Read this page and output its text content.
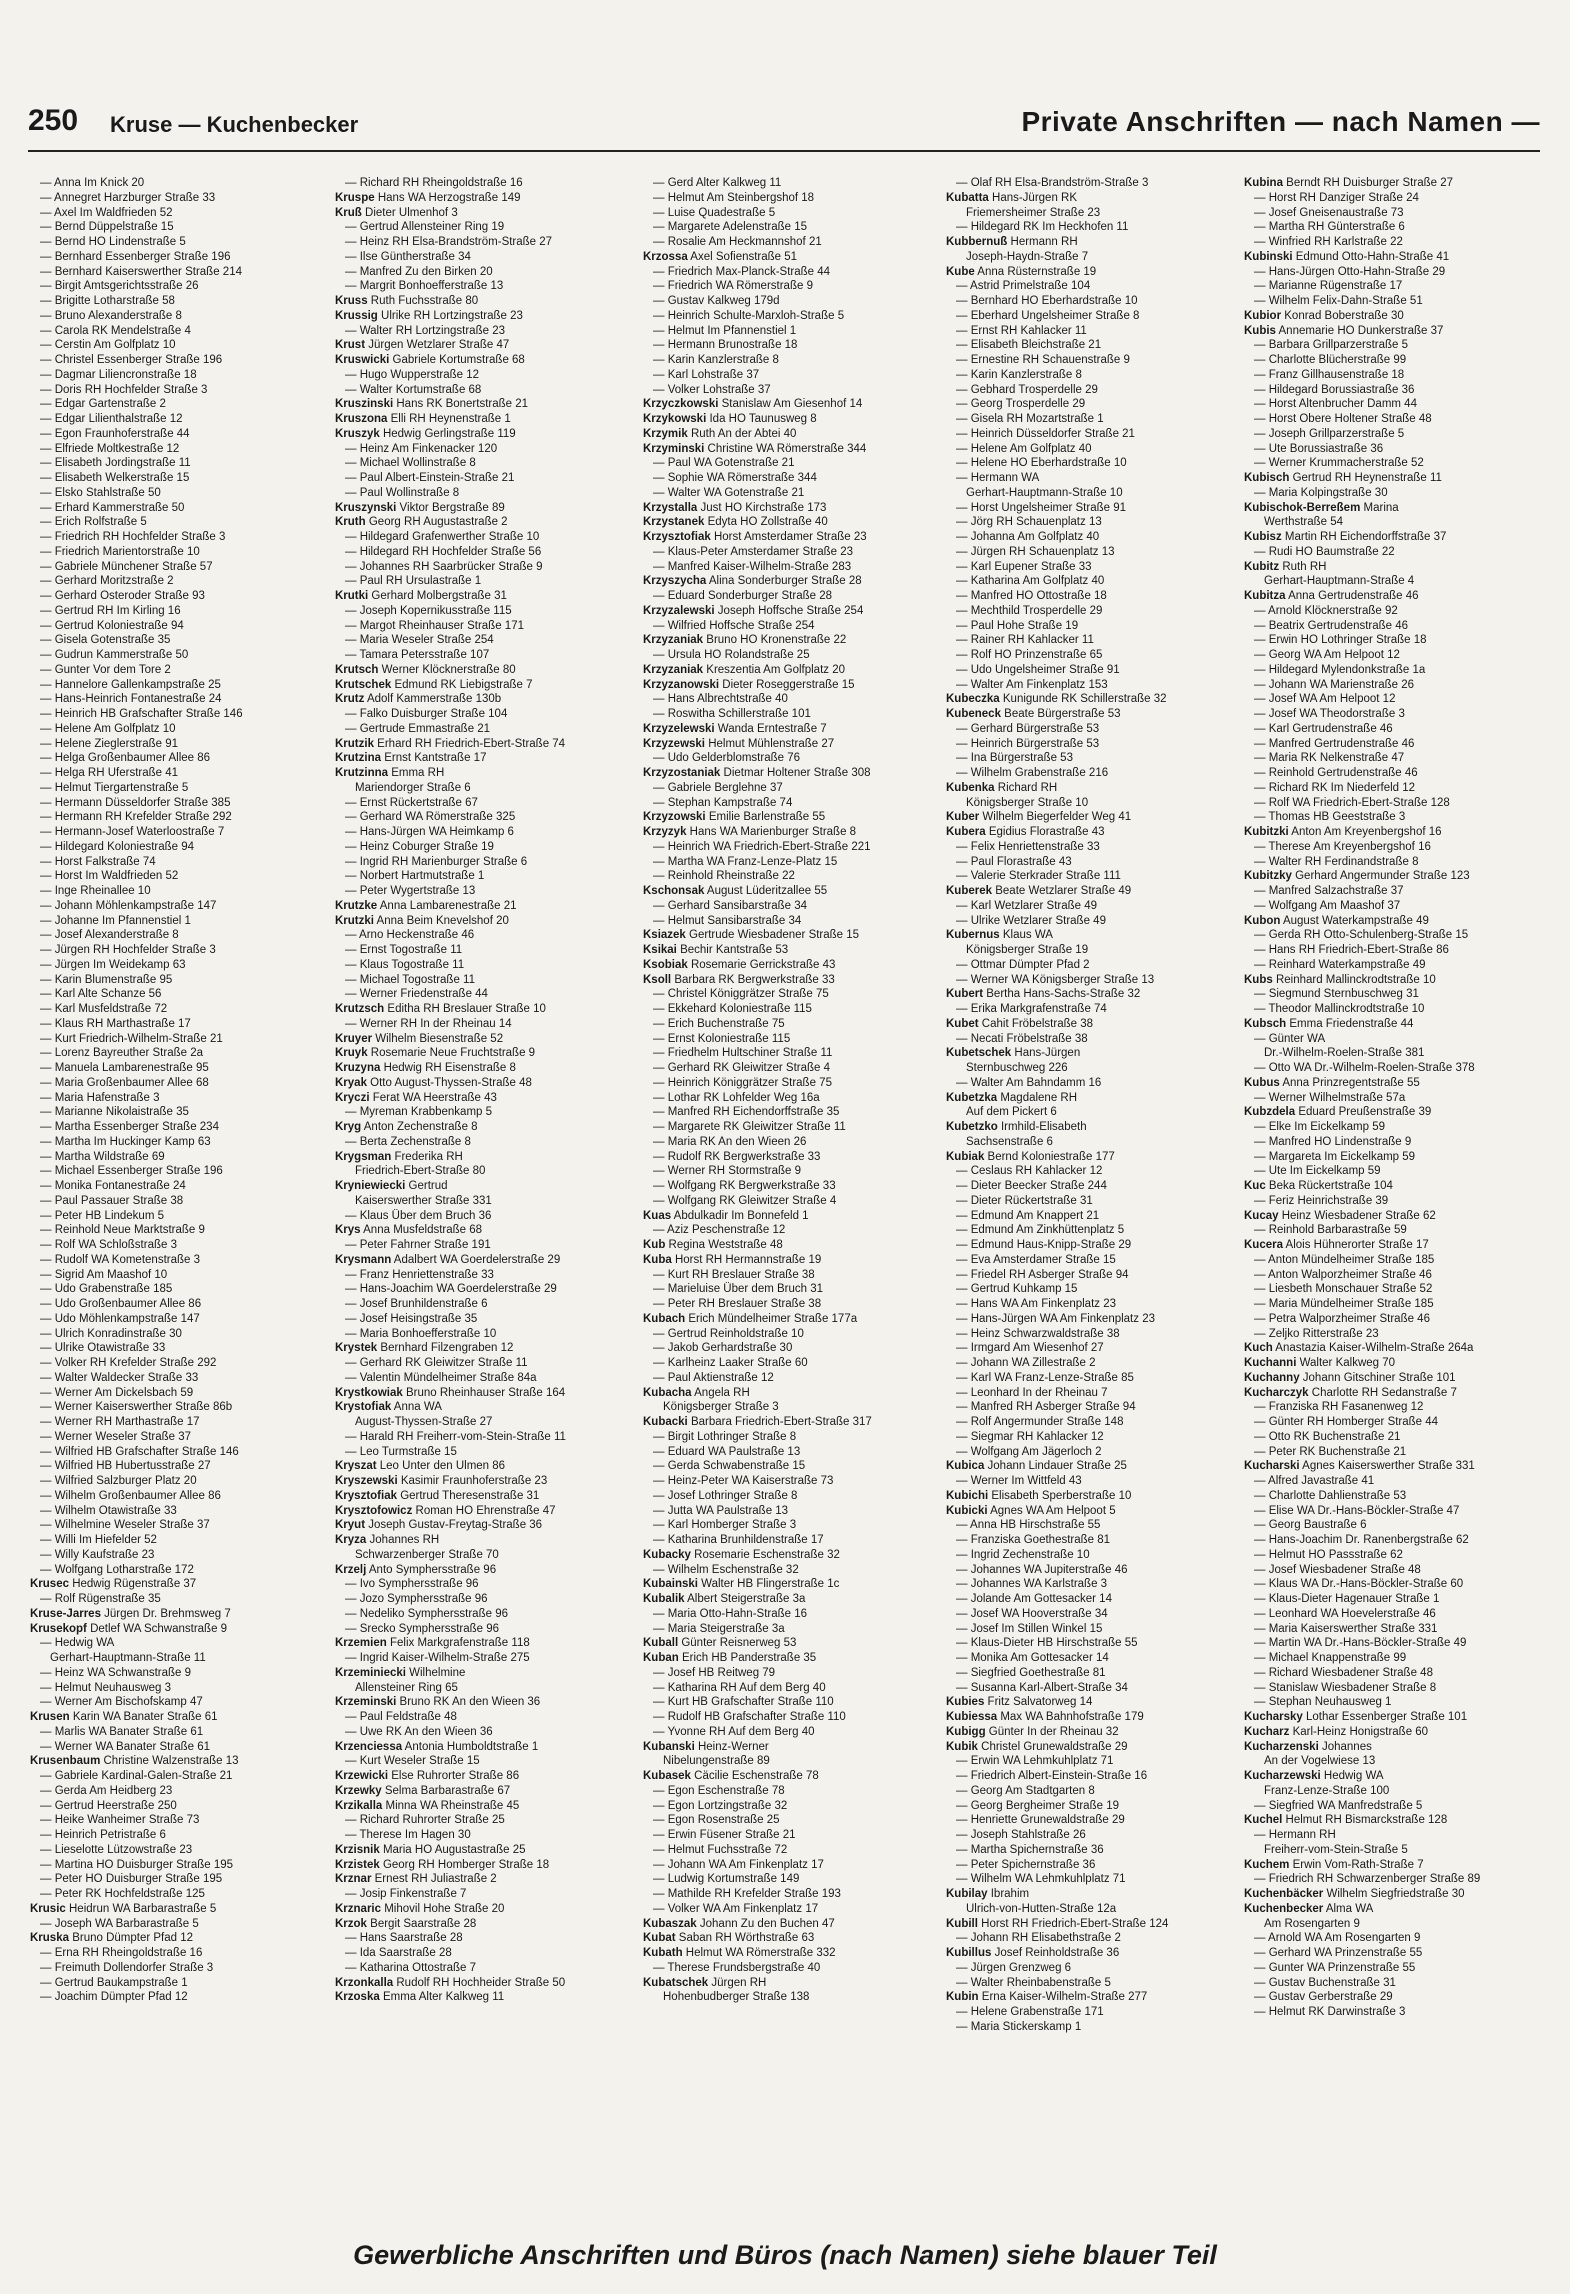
250 Kruse — Kuchenbecker	Private Anschriften — nach Namen —
— Anna Im Knick 20
— Annegret Harzburger Straße 33
— Axel Im Waldfrieden 52
— Bernd Düppelstraße 15
— Bernd HO Lindenstraße 5
— Bernhard Essenberger Straße 196
— Bernhard Kaiserswerther Straße 214
— Birgit Amtsgerichtsstraße 26
— Brigitte Lotharstraße 58
— Bruno Alexanderstraße 8
— Carola RK Mendelstraße 4
— Cerstin Am Golfplatz 10
— Christel Essenberger Straße 196
— Dagmar Liliencronstraße 18
— Doris RH Hochfelder Straße 3
— Edgar Gartenstraße 2
— Edgar Lilienthalstraße 12
— Egon Fraunhoferstraße 44
— Elfriede Moltkestraße 12
— Elisabeth Jordingstraße 11
— Elisabeth Welkerstraße 15
— Elsko Stahlstraße 50
— Erhard Kammerstraße 50
— Erich Rolfstraße 5
— Friedrich RH Hochfelder Straße 3
— Friedrich Marientorstraße 10
— Gabriele Münchener Straße 57
— Gerhard Moritzstraße 2
— Gerhard Osteroder Straße 93
— Gertrud RH Im Kirling 16
— Gertrud Koloniestraße 94
— Gisela Gotenstraße 35
— Gudrun Kammerstraße 50
— Gunter Vor dem Tore 2
— Hannelore Gallenkampstraße 25
— Hans-Heinrich Fontanestraße 24
— Heinrich HB Grafschafter Straße 146
— Helene Am Golfplatz 10
— Helene Zieglerstraße 91
— Helga Großenbaumer Allee 86
— Helga RH Uferstraße 41
— Helmut Tiergartenstraße 5
— Hermann Düsseldorfer Straße 385
— Hermann RH Krefelder Straße 292
— Hermann-Josef Waterloostraße 7
— Hildegard Koloniestraße 94
— Horst Falkstraße 74
— Horst Im Waldfrieden 52
— Inge Rheinallee 10
— Johann Möhlenkampstraße 147
— Johanne Im Pfannenstiel 1
— Josef Alexanderstraße 8
— Jürgen RH Hochfelder Straße 3
— Jürgen Im Weidekamp 63
— Karin Blumenstraße 95
— Karl Alte Schanze 56
— Karl Musfeldstraße 72
— Klaus RH Marthastraße 17
— Kurt Friedrich-Wilhelm-Straße 21
— Lorenz Bayreuther Straße 2a
— Manuela Lambarenestraße 95
— Maria Großenbaumer Allee 68
— Maria Hafenstraße 3
— Marianne Nikolaistraße 35
— Martha Essenberger Straße 234
— Martha Im Huckinger Kamp 63
— Martha Wildstraße 69
— Michael Essenberger Straße 196
— Monika Fontanestraße 24
— Paul Passauer Straße 38
— Peter HB Lindekum 5
— Reinhold Neue Marktstraße 9
— Rolf WA Schloßstraße 3
— Rudolf WA Kometenstraße 3
— Sigrid Am Maashof 10
— Udo Grabenstraße 185
— Udo Großenbaumer Allee 86
— Udo Möhlenkampstraße 147
— Ulrich Konradinstraße 30
— Ulrike Otawistraße 33
— Volker RH Krefelder Straße 292
— Walter Waldecker Straße 33
— Werner Am Dickelsbach 59
— Werner Kaiserswerther Straße 86b
— Werner RH Marthastraße 17
— Werner Weseler Straße 37
— Wilfried HB Grafschafter Straße 146
— Wilfried HB Hubertusstraße 27
— Wilfried Salzburger Platz 20
— Wilhelm Großenbaumer Allee 86
— Wilhelm Otawistraße 33
— Wilhelmine Weseler Straße 37
— Willi Im Hiefelder 52
— Willy Kaufstraße 23
— Wolfgang Lotharstraße 172
Krusec Hedwig Rügenstraße 37
— Rolf Rügenstraße 35
Kruse-Jarres Jürgen Dr. Brehmsweg 7
Krusekopf Detlef WA Schwanstraße 9
— Hedwig WA
Gerhart-Hauptmann-Straße 11
— Heinz WA Schwanstraße 9
— Helmut Neuhausweg 3
— Werner Am Bischofskamp 47
Krusen Karin WA Banater Straße 61
— Marlis WA Banater Straße 61
— Werner WA Banater Straße 61
Krusenbaum Christine Walzenstraße 13
— Gabriele Kardinal-Galen-Straße 21
— Gerda Am Heidberg 23
— Gertrud Heerstraße 250
— Heike Wanheimer Straße 73
— Heinrich Petristraße 6
— Lieselotte Lützowstraße 23
— Martina HO Duisburger Straße 195
— Peter HO Duisburger Straße 195
— Peter RK Hochfeldstraße 125
Krusic Heidrun WA Barbarastraße 5
— Joseph WA Barbarastraße 5
Kruska Bruno Dümpter Pfad 12
— Erna RH Rheingoldstraße 16
— Freimuth Dollendorfer Straße 3
— Gertrud Baukampstraße 1
— Joachim Dümpter Pfad 12
— Richard RH Rheingoldstraße 16
Kruspe Hans WA Herzogstraße 149
Kruß Dieter Ulmenhof 3
— Gertrud Allensteiner Ring 19
— Heinz RH Elsa-Brandström-Straße 27
— Ilse Güntherstraße 34
— Manfred Zu den Birken 20
— Margrit Bonhoefferstraße 13
Kruss Ruth Fuchsstraße 80
Krussig Ulrike RH Lortzingstraße 23
— Walter RH Lortzingstraße 23
Krust Jürgen Wetzlarer Straße 47
Kruswicki Gabriele Kortumstraße 68
— Hugo Wupperstraße 12
— Walter Kortumstraße 68
Kruszinski Hans RK Bonertstraße 21
Kruszona Elli RH Heynenstraße 1
Kruszyk Hedwig Gerlingstraße 119
— Heinz Am Finkenacker 120
— Michael Wollinstraße 8
— Paul Albert-Einstein-Straße 21
— Paul Wollinstraße 8
Kruszynski Viktor Bergstraße 89
Kruth Georg RH Augustastraße 2
— Hildegard Grafenwerther Straße 10
— Hildegard RH Hochfelder Straße 56
— Johannes RH Saarbrücker Straße 9
— Paul RH Ursulastraße 1
Krutki Gerhard Molbergstraße 31
— Joseph Kopernikusstraße 115
— Margot Rheinhauser Straße 171
— Maria Weseler Straße 254
— Tamara Petersstraße 107
Krutsch Werner Klöcknerstraße 80
Krutschek Edmund RK Liebigstraße 7
Krutz Adolf Kammerstraße 130b
— Falko Duisburger Straße 104
— Gertrude Emmastraße 21
Krutzik Erhard RH Friedrich-Ebert-Straße 74
Krutzina Ernst Kantstraße 17
Krutzinna Emma RH
Mariendorger Straße 6
— Ernst Rückertstraße 67
— Gerhard WA Römerstraße 325
— Hans-Jürgen WA Heimkamp 6
— Heinz Coburger Straße 19
— Ingrid RH Marienburger Straße 6
— Norbert Hartmutstraße 1
— Peter Wygertstraße 13
Krutzke Anna Lambarenestraße 21
Krutzki Anna Beim Knevelshof 20
— Arno Heckenstraße 46
— Ernst Togostraße 11
— Klaus Togostraße 11
— Michael Togostraße 11
— Werner Friedenstraße 44
Krutzsch Editha RH Breslauer Straße 10
— Werner RH In der Rheinau 14
Kruyer Wilhelm Biesenstraße 52
Kruyk Rosemarie Neue Fruchtstraße 9
Kruzyna Hedwig RH Eisenstraße 8
Kryak Otto August-Thyssen-Straße 48
Kryczi Ferat WA Heerstraße 43
— Myreman Krabbenkamp 5
Kryg Anton Zechenstraße 8
— Berta Zechenstraße 8
Krygsman Frederika RH
Friedrich-Ebert-Straße 80
Kryniewiecki Gertrud
Kaiserswerther Straße 331
— Klaus Über dem Bruch 36
Krys Anna Musfeldstraße 68
— Peter Fahrner Straße 191
Krysmann Adalbert WA Goerdelerstraße 29
— Franz Henriettenstraße 33
— Hans-Joachim WA Goerdelerstraße 29
— Josef Brunhildenstraße 6
— Josef Heisingstraße 35
— Maria Bonhoefferstraße 10
Krystek Bernhard Filzengraben 12
— Gerhard RK Gleiwitzer Straße 11
— Valentin Mündelheimer Straße 84a
Krystkowiak Bruno Rheinhauser Straße 164
Krystofiak Anna WA
August-Thyssen-Straße 27
— Harald RH Freiherr-vom-Stein-Straße 11
— Leo Turmstraße 15
Kryszat Leo Unter den Ulmen 86
Kryszewski Kasimir Fraunhoferstraße 23
Krysztofiak Gertrud Theresenstraße 31
Krysztofowicz Roman HO Ehrenstraße 47
Kryut Joseph Gustav-Freytag-Straße 36
Kryza Johannes RH
Schwarzenberger Straße 70
Krzelj Anto Symphersstraße 96
— Ivo Symphersstraße 96
— Jozo Symphersstraße 96
— Nedeliko Symphersstraße 96
— Srecko Symphersstraße 96
Krzemien Felix Markgrafenstraße 118
— Ingrid Kaiser-Wilhelm-Straße 275
Krzeminiecki Wilhelmine
Allensteiner Ring 65
Krzeminski Bruno RK An den Wieen 36
— Paul Feldstraße 48
— Uwe RK An den Wieen 36
Krzenciessa Antonia Humboldtstraße 1
— Kurt Weseler Straße 15
Krzewicki Else Ruhrorter Straße 86
Krzewky Selma Barbarastraße 67
Krzikalla Minna WA Rheinstraße 45
— Richard Ruhrorter Straße 25
— Therese Im Hagen 30
Krzisnik Maria HO Augustastraße 25
Krzistek Georg RH Homberger Straße 18
Krznar Ernest RH Juliastraße 2
— Josip Finkenstraße 7
Krznaric Mihovil Hohe Straße 20
Krzok Bergit Saarstraße 28
— Hans Saarstraße 28
— Ida Saarstraße 28
— Katharina Ottostraße 7
Krzonkalla Rudolf RH Hochheider Straße 50
Krzoska Emma Alter Kalkweg 11
— Gerd Alter Kalkweg 11
— Helmut Am Steinbergshof 18
— Luise Quadestraße 5
— Margarete Adelenstraße 15
— Rosalie Am Heckmannshof 21
Krzossa Axel Sofienstraße 51
— Friedrich Max-Planck-Straße 44
— Friedrich WA Römerstraße 9
— Gustav Kalkweg 179d
— Heinrich Schulte-Marxloh-Straße 5
— Helmut Im Pfannenstiel 1
— Hermann Brunostraße 18
— Karin Kanzlerstraße 8
— Karl Lohstraße 37
— Volker Lohstraße 37
Krzyczkowski Stanislaw Am Giesenhof 14
Krzykowski Ida HO Taunusweg 8
Krzymik Ruth An der Abtei 40
Krzyminski Christine WA Römerstraße 344
— Paul WA Gotenstraße 21
— Sophie WA Römerstraße 344
— Walter WA Gotenstraße 21
Krzystalla Just HO Kirchstraße 173
Krzystanek Edyta HO Zollstraße 40
Krzysztofiak Horst Amsterdamer Straße 23
— Klaus-Peter Amsterdamer Straße 23
— Manfred Kaiser-Wilhelm-Straße 283
Krzyszycha Alina Sonderburger Straße 28
— Eduard Sonderburger Straße 28
Krzyzalewski Joseph Hoffsche Straße 254
— Wilfried Hoffsche Straße 254
Krzyzaniak Bruno HO Kronenstraße 22
— Ursula HO Rolandstraße 25
Krzyzaniak Kreszentia Am Golfplatz 20
Krzyzanowski Dieter Roseggerstraße 15
— Hans Albrechtstraße 40
— Roswitha Schillerstraße 101
Krzyzelewski Wanda Erntestraße 7
Krzyzewski Helmut Mühlenstraße 27
— Udo Gelderblomstraße 76
Krzyzostaniak Dietmar Holtener Straße 308
— Gabriele Berglehne 37
— Stephan Kampstraße 74
Krzyzowski Emilie Barlenstraße 55
Krzyzyk Hans WA Marienburger Straße 8
— Heinrich WA Friedrich-Ebert-Straße 221
— Martha WA Franz-Lenze-Platz 15
— Reinhold Rheinstraße 22
Kschonsak August Lüderitzallee 55
— Gerhard Sansibarstraße 34
— Helmut Sansibarstraße 34
Ksiazek Gertrude Wiesbadener Straße 15
Ksikai Bechir Kantstraße 53
Ksobiak Rosemarie Gerrickstraße 43
Ksoll Barbara RK Bergwerkstraße 33
— Christel Königgrätzer Straße 75
— Ekkehard Koloniestraße 115
— Erich Buchenstraße 75
— Ernst Koloniestraße 115
— Friedhelm Hultschiner Straße 11
— Gerhard RK Gleiwitzer Straße 4
— Heinrich Königgrätzer Straße 75
— Lothar RK Lohfelder Weg 16a
— Manfred RH Eichendorffstraße 35
— Margarete RK Gleiwitzer Straße 11
— Maria RK An den Wieen 26
— Rudolf RK Bergwerkstraße 33
— Werner RH Stormstraße 9
— Wolfgang RK Bergwerkstraße 33
— Wolfgang RK Gleiwitzer Straße 4
Kuas Abdulkadir Im Bonnefeld 1
— Aziz Peschenstraße 12
Kub Regina Weststraße 48
Kuba Horst RH Hermannstraße 19
— Kurt RH Breslauer Straße 38
— Marieluise Über dem Bruch 31
— Peter RH Breslauer Straße 38
Kubach Erich Mündelheimer Straße 177a
— Gertrud Reinholdstraße 10
— Jakob Gerhardstraße 30
— Karlheinz Laaker Straße 60
— Paul Aktienstraße 12
Kubacha Angela RH
Königsberger Straße 3
Kubacki Barbara Friedrich-Ebert-Straße 317
— Birgit Lothringer Straße 8
— Eduard WA Paulstraße 13
— Gerda Schwabenstraße 15
— Heinz-Peter WA Kaiserstraße 73
— Josef Lothringer Straße 8
— Jutta WA Paulstraße 13
— Karl Homberger Straße 3
— Katharina Brunhildenstraße 17
Kubacky Rosemarie Eschenstraße 32
— Wilhelm Eschenstraße 32
Kubainski Walter HB Flingerstraße 1c
Kubalik Albert Steigerstraße 3a
— Maria Otto-Hahn-Straße 16
— Maria Steigerstraße 3a
Kuball Günter Reisnerweg 53
Kuban Erich HB Panderstraße 35
— Josef HB Reitweg 79
— Katharina RH Auf dem Berg 40
— Kurt HB Grafschafter Straße 110
— Rudolf HB Grafschafter Straße 110
— Yvonne RH Auf dem Berg 40
Kubanski Heinz-Werner
Nibelungenstraße 89
Kubasek Cäcilie Eschenstraße 78
— Egon Eschenstraße 78
— Egon Lortzingstraße 32
— Egon Rosenstraße 25
— Erwin Füsener Straße 21
— Helmut Fuchsstraße 72
— Johann WA Am Finkenplatz 17
— Ludwig Kortumstraße 149
— Mathilde RH Krefelder Straße 193
— Volker WA Am Finkenplatz 17
Kubaszak Johann Zu den Buchen 47
Kubat Saban RH Wörthstraße 63
Kubath Helmut WA Römerstraße 332
— Therese Frundsbergstraße 40
Kubatschek Jürgen RH
Hohenbudberger Straße 138
— Olaf RH Elsa-Brandström-Straße 3
Kubatta Hans-Jürgen RK
Friemersheimer Straße 23
— Hildegard RK Im Heckhofen 11
Kubbernuß Hermann RH
Joseph-Haydn-Straße 7
Kube Anna Rüsternstraße 19
— Astrid Primelstraße 104
— Bernhard HO Eberhardstraße 10
— Eberhard Ungelsheimer Straße 8
— Ernst RH Kahlacker 11
— Elisabeth Bleichstraße 21
— Ernestine RH Schauenstraße 9
— Karin Kanzlerstraße 8
— Gebhard Trosperdelle 29
— Georg Trosperdelle 29
— Gisela RH Mozartstraße 1
— Heinrich Düsseldorfer Straße 21
— Helene Am Golfplatz 40
— Helene HO Eberhardstraße 10
— Hermann WA
Gerhart-Hauptmann-Straße 10
— Horst Ungelsheimer Straße 91
— Jörg RH Schauenplatz 13
— Johanna Am Golfplatz 40
— Jürgen RH Schauenplatz 13
— Karl Eupener Straße 33
— Katharina Am Golfplatz 40
— Manfred HO Ottostraße 18
— Mechthild Trosperdelle 29
— Paul Hohe Straße 19
— Rainer RH Kahlacker 11
— Rolf HO Prinzenstraße 65
— Udo Ungelsheimer Straße 91
— Walter Am Finkenplatz 153
Kubeczka Kunigunde RK Schillerstraße 32
Kubeneck Beate Bürgerstraße 53
— Gerhard Bürgerstraße 53
— Heinrich Bürgerstraße 53
— Ina Bürgerstraße 53
— Wilhelm Grabenstraße 216
Kubenka Richard RH
Königsberger Straße 10
Kuber Wilhelm Biegerfelder Weg 41
Kubera Egidius Florastraße 43
— Felix Henriettenstraße 33
— Paul Florastraße 43
— Valerie Sterkrader Straße 111
Kuberek Beate Wetzlarer Straße 49
— Karl Wetzlarer Straße 49
— Ulrike Wetzlarer Straße 49
Kubernus Klaus WA
Königsberger Straße 19
— Ottmar Dümpter Pfad 2
— Werner WA Königsberger Straße 13
Kubert Bertha Hans-Sachs-Straße 32
— Erika Markgrafenstraße 74
Kubet Cahit Fröbelstraße 38
— Necati Fröbelstraße 38
Kubetschek Hans-Jürgen
Sternbuschweg 226
— Walter Am Bahndamm 16
Kubetzka Magdalene RH
Auf dem Pickert 6
Kubetzko Irmhild-Elisabeth
Sachsenstraße 6
Kubiak Bernd Koloniestraße 177
— Ceslaus RH Kahlacker 12
— Dieter Beecker Straße 244
— Dieter Rückertstraße 31
— Edmund Am Knappert 21
— Edmund Am Zinkhüttenplatz 5
— Edmund Haus-Knipp-Straße 29
— Eva Amsterdamer Straße 15
— Friedel RH Asberger Straße 94
— Gertrud Kuhkamp 15
— Hans WA Am Finkenplatz 23
— Hans-Jürgen WA Am Finkenplatz 23
— Heinz Schwarzwaldstraße 38
— Irmgard Am Wiesenhof 27
— Johann WA Zillestraße 2
— Karl WA Franz-Lenze-Straße 85
— Leonhard In der Rheinau 7
— Manfred RH Asberger Straße 94
— Rolf Angermunder Straße 148
— Siegmar RH Kahlacker 12
— Wolfgang Am Jägerloch 2
Kubica Johann Lindauer Straße 25
— Werner Im Wittfeld 43
Kubichi Elisabeth Sperberstraße 10
Kubicki Agnes WA Am Helpoot 5
— Anna HB Hirschstraße 55
— Franziska Goethestraße 81
— Ingrid Zechenstraße 10
— Johannes WA Jupiterstraße 46
— Johannes WA Karlstraße 3
— Jolande Am Gottesacker 14
— Josef WA Hooverstraße 34
— Josef Im Stillen Winkel 15
— Klaus-Dieter HB Hirschstraße 55
— Monika Am Gottesacker 14
— Siegfried Goethestraße 81
— Susanna Karl-Albert-Straße 34
Kubies Fritz Salvatorweg 14
Kubiessa Max WA Bahnhofstraße 179
Kubigg Günter In der Rheinau 32
Kubik Christel Grunewaldstraße 29
— Erwin WA Lehmkuhlplatz 71
— Friedrich Albert-Einstein-Straße 16
— Georg Am Stadtgarten 8
— Georg Bergheimer Straße 19
— Henriette Grunewaldstraße 29
— Joseph Stahlstraße 26
— Martha Spichernstraße 36
— Peter Spichernstraße 36
— Wilhelm WA Lehmkuhlplatz 71
Kubilay Ibrahim
Ulrich-von-Hutten-Straße 12a
Kubill Horst RH Friedrich-Ebert-Straße 124
— Johann RH Elisabethstraße 2
Kubillus Josef Reinholdstraße 36
— Jürgen Grenzweg 6
— Walter Rheinbabenstraße 5
Kubin Erna Kaiser-Wilhelm-Straße 277
— Helene Grabenstraße 171
— Maria Stickerskamp 1
Kubina Berndt RH Duisburger Straße 27
— Horst RH Danziger Straße 24
— Josef Gneisenaustraße 73
— Martha RH Günterstraße 6
— Winfried RH Karlstraße 22
Kubinski Edmund Otto-Hahn-Straße 41
— Hans-Jürgen Otto-Hahn-Straße 29
— Marianne Rügenstraße 17
— Wilhelm Felix-Dahn-Straße 51
Kubior Konrad Boberstraße 30
Kubis Annemarie HO Dunkerstraße 37
— Barbara Grillparzerstraße 5
— Charlotte Blücherstraße 99
— Franz Gillhausenstraße 18
— Hildegard Borussiastraße 36
— Horst Altenbrucher Damm 44
— Horst Obere Holtener Straße 48
— Joseph Grillparzerstraße 5
— Ute Borussiastraße 36
— Werner Krummacherstraße 52
Kubisch Gertrud RH Heynenstraße 11
— Maria Kolpingstraße 30
Kubischok-Berreßem Marina
Werthstraße 54
Kubisz Martin RH Eichendorffstraße 37
— Rudi HO Baumstraße 22
Kubitz Ruth RH
Gerhart-Hauptmann-Straße 4
Kubitza Anna Gertrudenstraße 46
— Arnold Klöcknerstraße 92
— Beatrix Gertrudenstraße 46
— Erwin HO Lothringer Straße 18
— Georg WA Am Helpoot 12
— Hildegard Mylendonkstraße 1a
— Johann WA Marienstraße 26
— Josef WA Am Helpoot 12
— Josef WA Theodorstraße 3
— Karl Gertrudenstraße 46
— Manfred Gertrudenstraße 46
— Maria RK Nelkenstraße 47
— Reinhold Gertrudenstraße 46
— Richard RK Im Niederfeld 12
— Rolf WA Friedrich-Ebert-Straße 128
— Thomas HB Geeststraße 3
Kubitzki Anton Am Kreyenbergshof 16
— Therese Am Kreyenbergshof 16
— Walter RH Ferdinandstraße 8
Kubitzky Gerhard Angermunder Straße 123
— Manfred Salzachstraße 37
— Wolfgang Am Maashof 37
Kubon August Waterkampstraße 49
— Gerda RH Otto-Schulenberg-Straße 15
— Hans RH Friedrich-Ebert-Straße 86
— Reinhard Waterkampstraße 49
Kubs Reinhard Mallinckrodtstraße 10
— Siegmund Sternbuschweg 31
— Theodor Mallinckrodtstraße 10
Kubsch Emma Friedenstraße 44
— Günter WA
Dr.-Wilhelm-Roelen-Straße 381
— Otto WA Dr.-Wilhelm-Roelen-Straße 378
Kubus Anna Prinzregentstraße 55
— Werner Wilhelmstraße 57a
Kubzdela Eduard Preußenstraße 39
— Elke Im Eickelkamp 59
— Manfred HO Lindenstraße 9
— Margareta Im Eickelkamp 59
— Ute Im Eickelkamp 59
Kuc Beka Rückertstraße 104
— Feriz Heinrichstraße 39
Kucay Heinz Wiesbadener Straße 62
— Reinhold Barbarastraße 59
Kucera Alois Hühnerorter Straße 17
— Anton Mündelheimer Straße 185
— Anton Walporzheimer Straße 46
— Liesbeth Monschauer Straße 52
— Maria Mündelheimer Straße 185
— Petra Walporzheimer Straße 46
— Zeljko Ritterstraße 23
Kuch Anastazia Kaiser-Wilhelm-Straße 264a
Kuchanni Walter Kalkweg 70
Kuchanny Johann Gitschiner Straße 101
Kucharczyk Charlotte RH Sedanstraße 7
— Franziska RH Fasanenweg 12
— Günter RH Homberger Straße 44
— Otto RK Buchenstraße 21
— Peter RK Buchenstraße 21
Kucharski Agnes Kaiserswerther Straße 331
— Alfred Javastraße 41
— Charlotte Dahlienstraße 53
— Elise WA Dr.-Hans-Böckler-Straße 47
— Georg Baustraße 6
— Hans-Joachim Dr. Ranenbergstraße 62
— Helmut HO Passstraße 62
— Josef Wiesbadener Straße 48
— Klaus WA Dr.-Hans-Böckler-Straße 60
— Klaus-Dieter Hagenauer Straße 1
— Leonhard WA Hoevelerstraße 46
— Maria Kaiserswerther Straße 331
— Martin WA Dr.-Hans-Böckler-Straße 49
— Michael Knappenstraße 99
— Richard Wiesbadener Straße 48
— Stanislaw Wiesbadener Straße 8
— Stephan Neuhausweg 1
Kucharsky Lothar Essenberger Straße 101
Kucharz Karl-Heinz Honigstraße 60
Kucharzenski Johannes
An der Vogelwiese 13
Kucharzewski Hedwig WA
Franz-Lenze-Straße 100
— Siegfried WA Manfredstraße 5
Kuchel Helmut RH Bismarckstraße 128
— Hermann RH
Freiherr-vom-Stein-Straße 5
Kuchem Erwin Vom-Rath-Straße 7
— Friedrich RH Schwarzenberger Straße 89
Kuchenbäcker Wilhelm Siegfriedstraße 30
Kuchenbecker Alma WA
Am Rosengarten 9
— Arnold WA Am Rosengarten 9
— Gerhard WA Prinzenstraße 55
— Gunter WA Prinzenstraße 55
— Gustav Buchenstraße 31
— Gustav Gerberstraße 29
— Helmut RK Darwinstraße 3
Gewerbliche Anschriften und Büros (nach Namen) siehe blauer Teil
